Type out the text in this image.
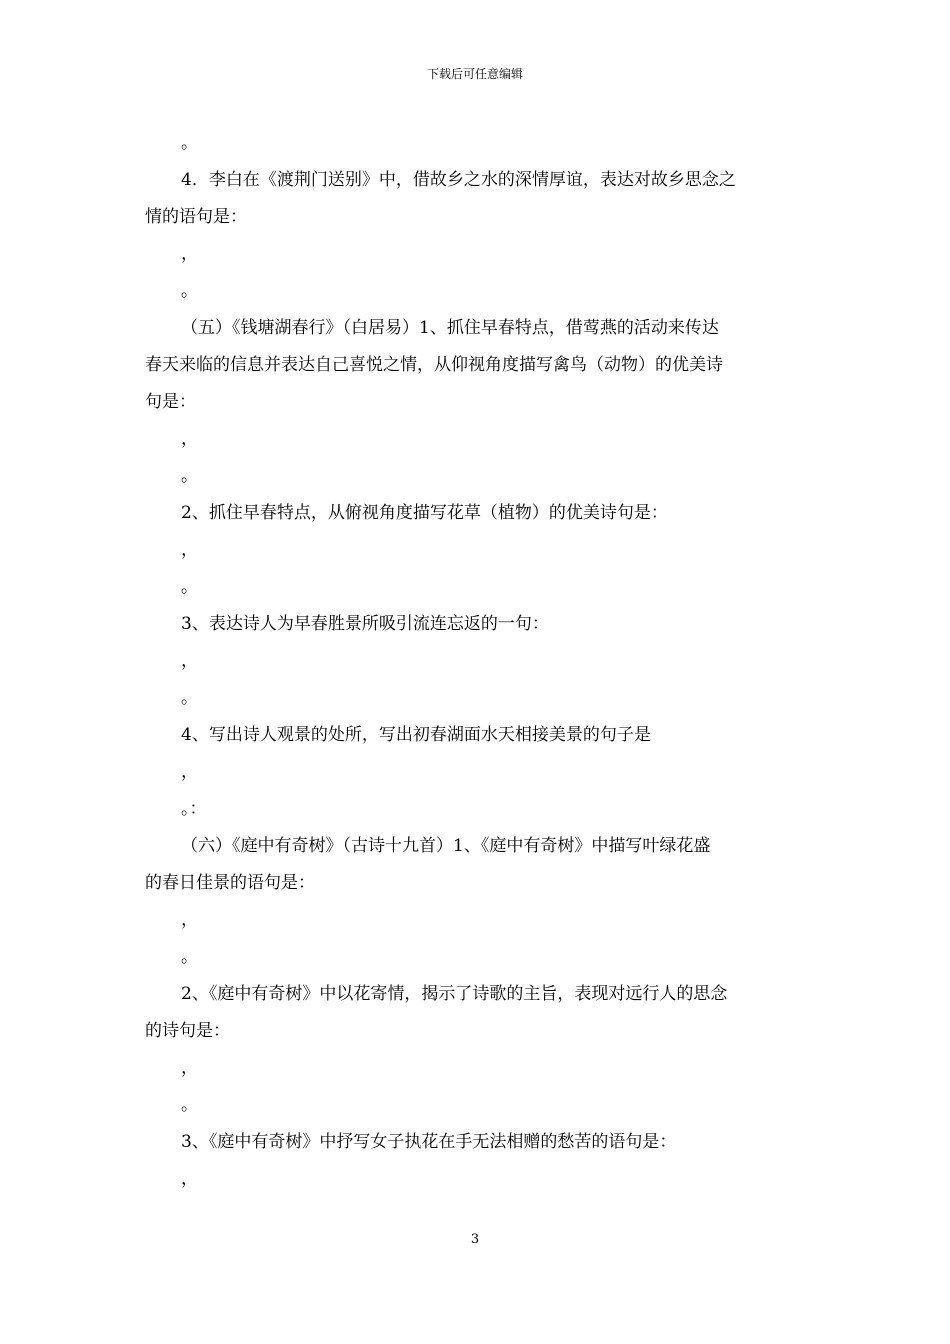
下载后可任意编辑
。
4．李白在《渡荆门送别》中，借故乡之水的深情厚谊，表达对故乡思念之
情的语句是：
，
。
（五）《钱塘湖春行》（白居易）1、抓住早春特点，借莺燕的活动来传达
春天来临的信息并表达自己喜悦之情，从仰视角度描写禽鸟（动物）的优美诗
句是：
，
。
2、抓住早春特点，从俯视角度描写花草（植物）的优美诗句是：
，
。
3、表达诗人为早春胜景所吸引流连忘返的一句：
，
。
4、写出诗人观景的处所，写出初春湖面水天相接美景的句子是
，
。：
（六）《庭中有奇树》（古诗十九首）1、《庭中有奇树》中描写叶绿花盛
的春日佳景的语句是：
，
。
2、《庭中有奇树》中以花寄情，揭示了诗歌的主旨，表现对远行人的思念
的诗句是：
，
。
3、《庭中有奇树》中抒写女子执花在手无法相赠的愁苦的语句是：
，
3
